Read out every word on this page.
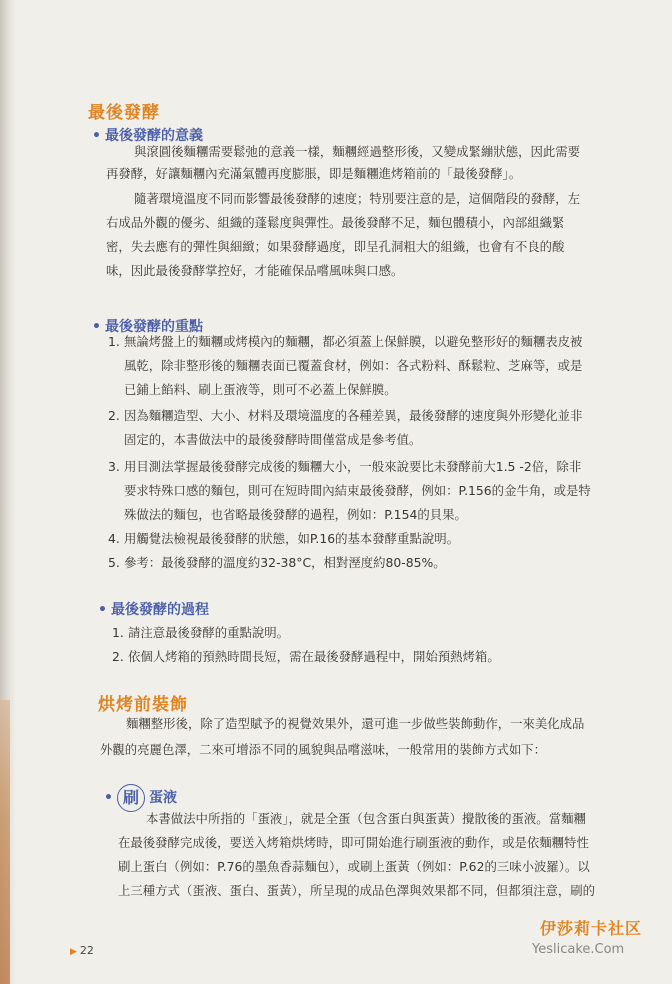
最後發酵
• 最後發酵的意義
與滾圓後麵糰需要鬆弛的意義一樣，麵糰經過整形後，又變成緊繃狀態，因此需要
再發酵，好讓麵糰內充滿氣體再度膨脹，即是麵糰進烤箱前的「最後發酵」。
隨著環境溫度不同而影響最後發酵的速度；特別要注意的是，這個階段的發酵，左
右成品外觀的優劣、組織的蓬鬆度與彈性。最後發酵不足，麵包體積小，內部組織緊
密，失去應有的彈性與細緻；如果發酵過度，即呈孔洞粗大的組織，也會有不良的酸
味，因此最後發酵掌控好，才能確保品嚐風味與口感。
• 最後發酵的重點
1. 無論烤盤上的麵糰或烤模內的麵糰，都必須蓋上保鮮膜，以避免整形好的麵糰表皮被
風乾，除非整形後的麵糰表面已覆蓋食材，例如：各式粉料、酥鬆粒、芝麻等，或是
已鋪上餡料、刷上蛋液等，則可不必蓋上保鮮膜。
2. 因為麵糰造型、大小、材料及環境溫度的各種差異，最後發酵的速度與外形變化並非
固定的，本書做法中的最後發酵時間僅當成是參考值。
3. 用目測法掌握最後發酵完成後的麵糰大小，一般來說要比未發酵前大1.5 -2倍，除非
要求特殊口感的麵包，則可在短時間內結束最後發酵，例如：P.156的金牛角，或是特
殊做法的麵包，也省略最後發酵的過程，例如：P.154的貝果。
4. 用觸覺法檢視最後發酵的狀態，如P.16的基本發酵重點說明。
5. 參考：最後發酵的溫度約32-38°C，相對溼度約80-85%。
• 最後發酵的過程
1. 請注意最後發酵的重點說明。
2. 依個人烤箱的預熱時間長短，需在最後發酵過程中，開始預熱烤箱。
烘烤前裝飾
麵糰整形後，除了造型賦予的視覺效果外，還可進一步做些裝飾動作，一來美化成品
外觀的亮麗色澤，二來可增添不同的風貌與品嚐滋味，一般常用的裝飾方式如下：
• 刷 蛋液
本書做法中所指的「蛋液」，就是全蛋（包含蛋白與蛋黃）攪散後的蛋液。當麵糰
在最後發酵完成後，要送入烤箱烘烤時，即可開始進行刷蛋液的動作，或是依麵糰特性
刷上蛋白（例如：P.76的墨魚香蒜麵包），或刷上蛋黃（例如：P.62的三味小波羅）。以
上三種方式（蛋液、蛋白、蛋黃），所呈現的成品色澤與效果都不同，但都須注意，刷的
▶ 22
伊莎莉卡社区
Yeslicake.Com
